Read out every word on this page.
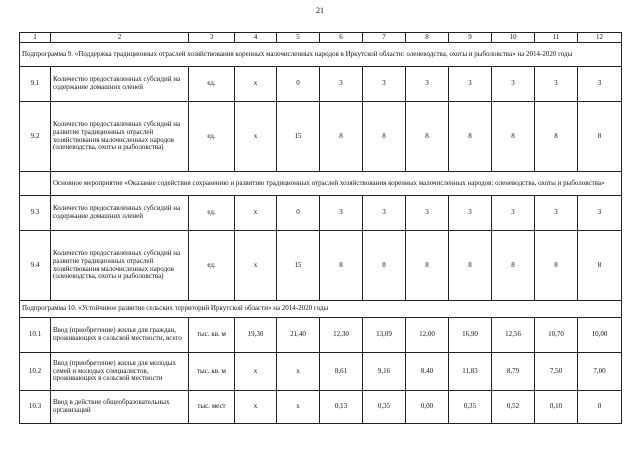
21
1	2	3	4	5	6	7	8	9	10	11	12
Подпрограмма 9. «Поддержка традиционных отраслей хозяйствования коренных малочисленных народов в Иркутской области: оленеводства, охоты и рыболовства» на 2014-2020 годы											
9.1	Количество предоставленных субсидий на содержание домашних оленей	ед.	х	0	3	3	3	3	3	3	3
9.2	Количество предоставленных субсидий на развитие традиционных отраслей хозяйствования малочисленных народов (оленеводства, охоты и рыболовства)	ед.	х	15	8	8	8	8	8	8	8
	Основное мероприятие «Оказание содействия сохранению и развитию традиционных отраслей хозяйствования коренных малочисленных народов: оленеводства, охоты и рыболовства»										
9.3	Количество предоставленных субсидий на содержание домашних оленей	ед.	х	0	3	3	3	3	3	3	3
9.4	Количество предоставленных субсидий на развитие традиционных отраслей хозяйствования малочисленных народов (оленеводства, охоты и рыболовства)	ед.	х	15	8	8	8	8	8	8	8
Подпрограмма 10. «Устойчивое развитие сельских территорий Иркутской области» на 2014-2020 годы											
10.1	Ввод (приобретение) жилья для граждан, проживающих в сельской местности, всего	тыс. кв. м	19,30	21,40	12,30	13,09	12,00	16,90	12,56	10,70	10,00
10.2	Ввод (приобретение) жилья для молодых семей и молодых специалистов, проживающих в сельской местности	тыс. кв. м	х	х	8,61	9,16	8,40	11,83	8,79	7,50	7,00
10.3	Ввод в действие общеобразовательных организаций	тыс. мест	х	х	0,13	0,35	0,00	0,35	0,52	0,10	0
